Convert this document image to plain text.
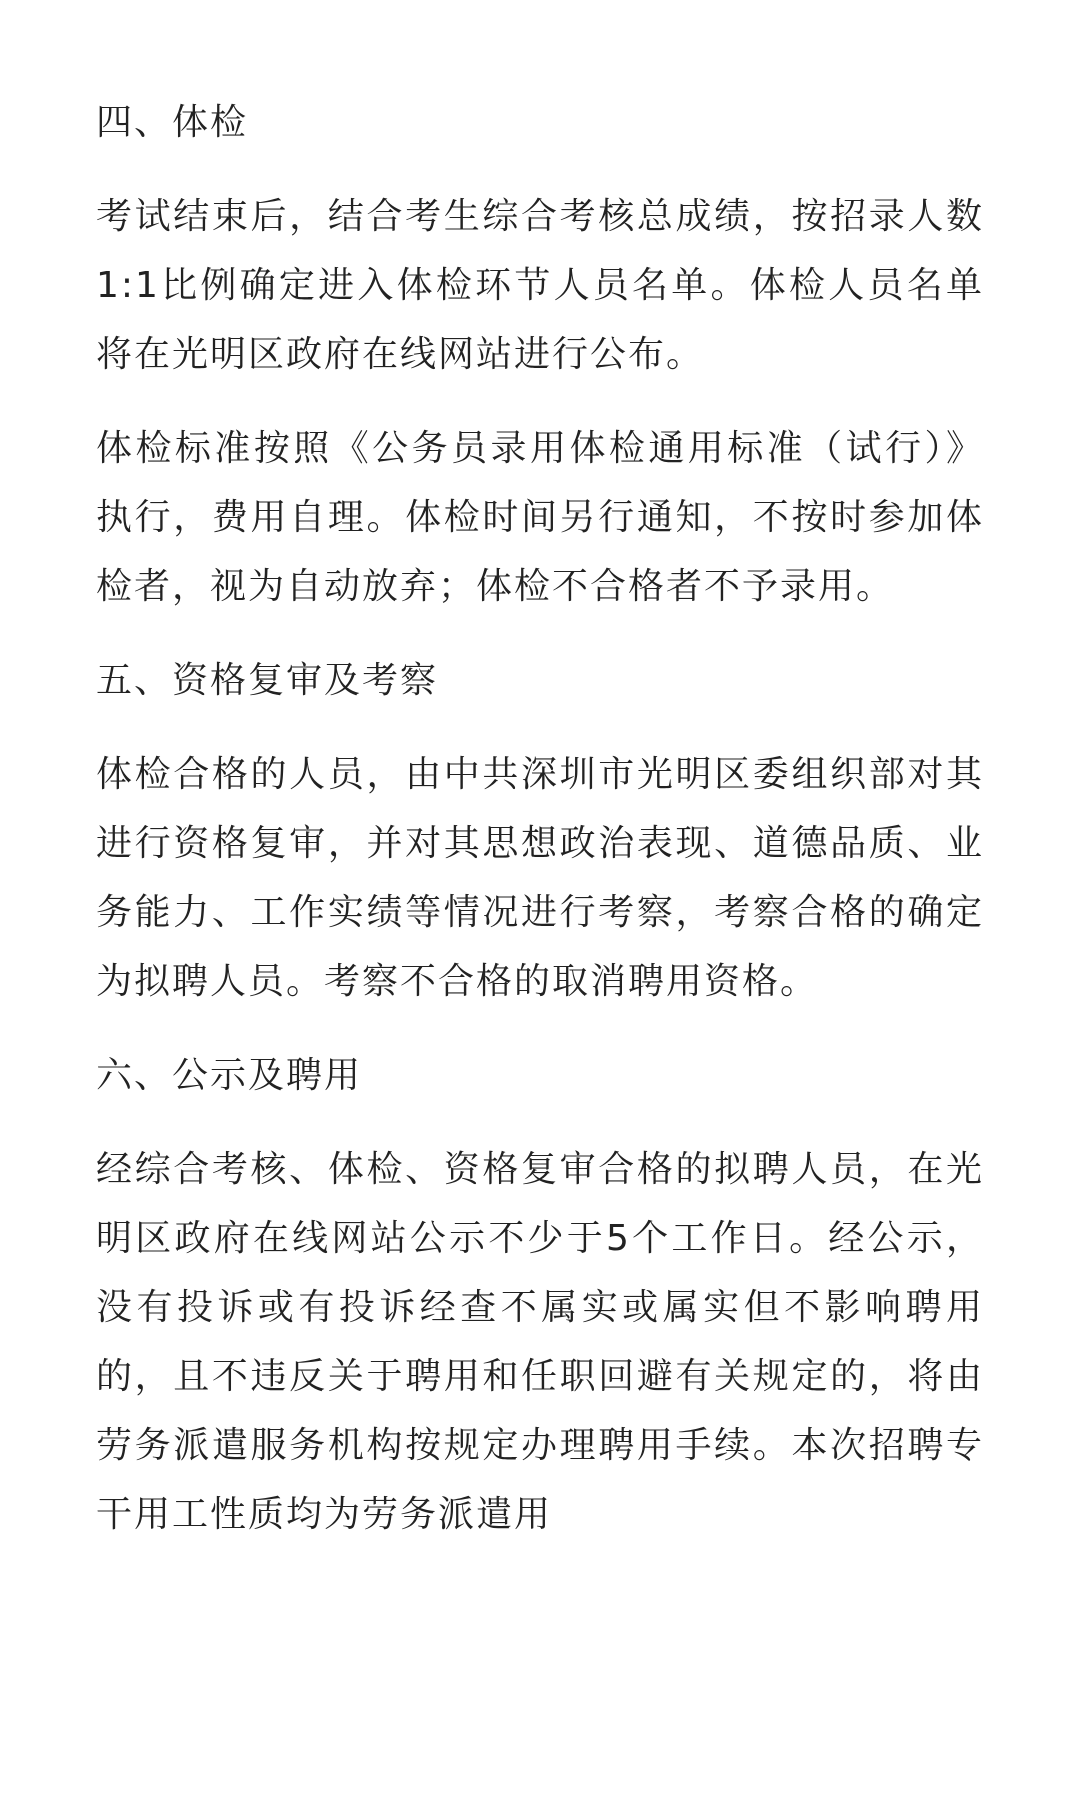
四、体检

考试结束后，结合考生综合考核总成绩，按招录人数1:1比例确定进入体检环节人员名单。体检人员名单将在光明区政府在线网站进行公布。

体检标准按照《公务员录用体检通用标准（试行）》执行，费用自理。体检时间另行通知，不按时参加体检者，视为自动放弃；体检不合格者不予录用。

五、资格复审及考察

体检合格的人员，由中共深圳市光明区委组织部对其进行资格复审，并对其思想政治表现、道德品质、业务能力、工作实绩等情况进行考察，考察合格的确定为拟聘人员。考察不合格的取消聘用资格。

六、公示及聘用

经综合考核、体检、资格复审合格的拟聘人员，在光明区政府在线网站公示不少于5个工作日。经公示，没有投诉或有投诉经查不属实或属实但不影响聘用的，且不违反关于聘用和任职回避有关规定的，将由劳务派遣服务机构按规定办理聘用手续。本次招聘专干用工性质均为劳务派遣用
